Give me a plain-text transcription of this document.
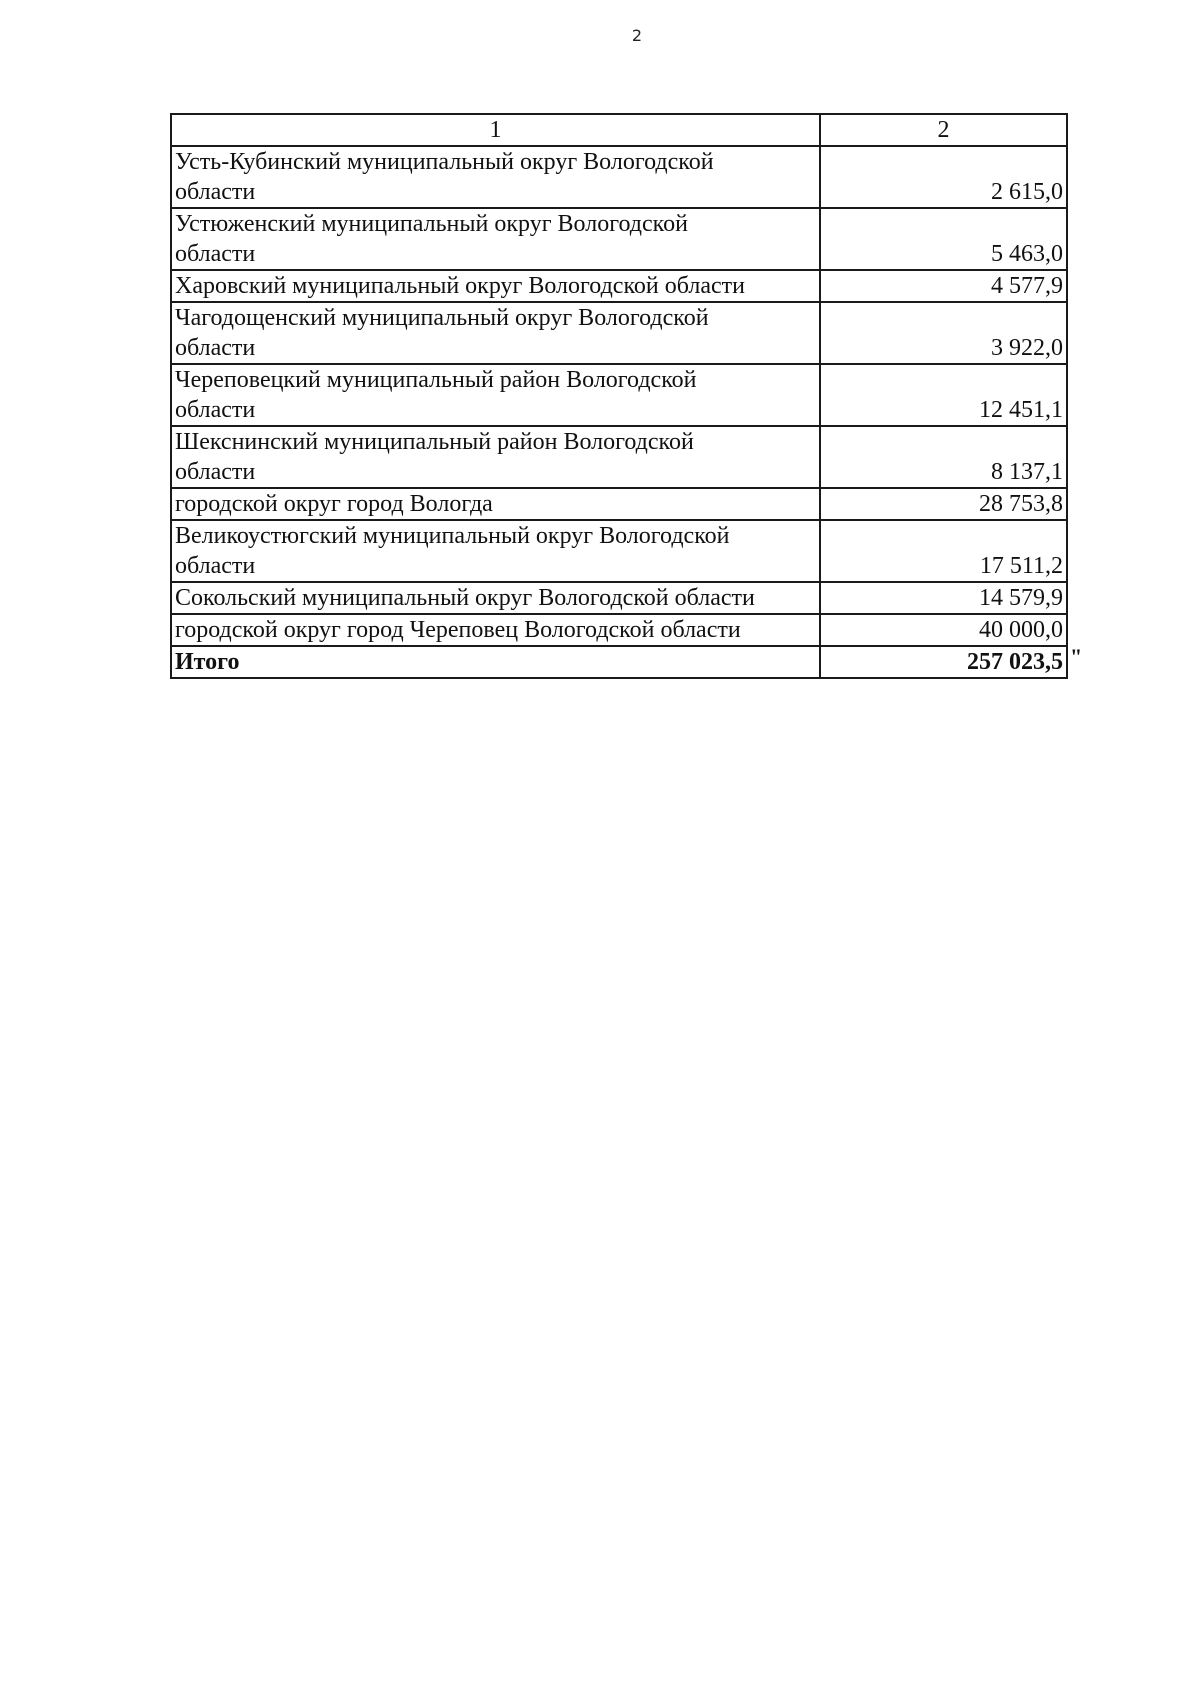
2
1	2

Усть-Кубинский муниципальный округ Вологодской
области	2 615,0

Устюженский муниципальный округ Вологодской
области	5 463,0

Харовский муниципальный округ Вологодской области	4 577,9

Чагодощенский муниципальный округ Вологодской
области	3 922,0

Череповецкий муниципальный район Вологодской
области	12 451,1

Шекснинский муниципальный район Вологодской
области	8 137,1

городской округ город Вологда	28 753,8

Великоустюгский муниципальный округ Вологодской
области	17 511,2

Сокольский муниципальный округ Вологодской области	14 579,9

городской округ город Череповец Вологодской области	40 000,0
Итого	257 023,5 "
